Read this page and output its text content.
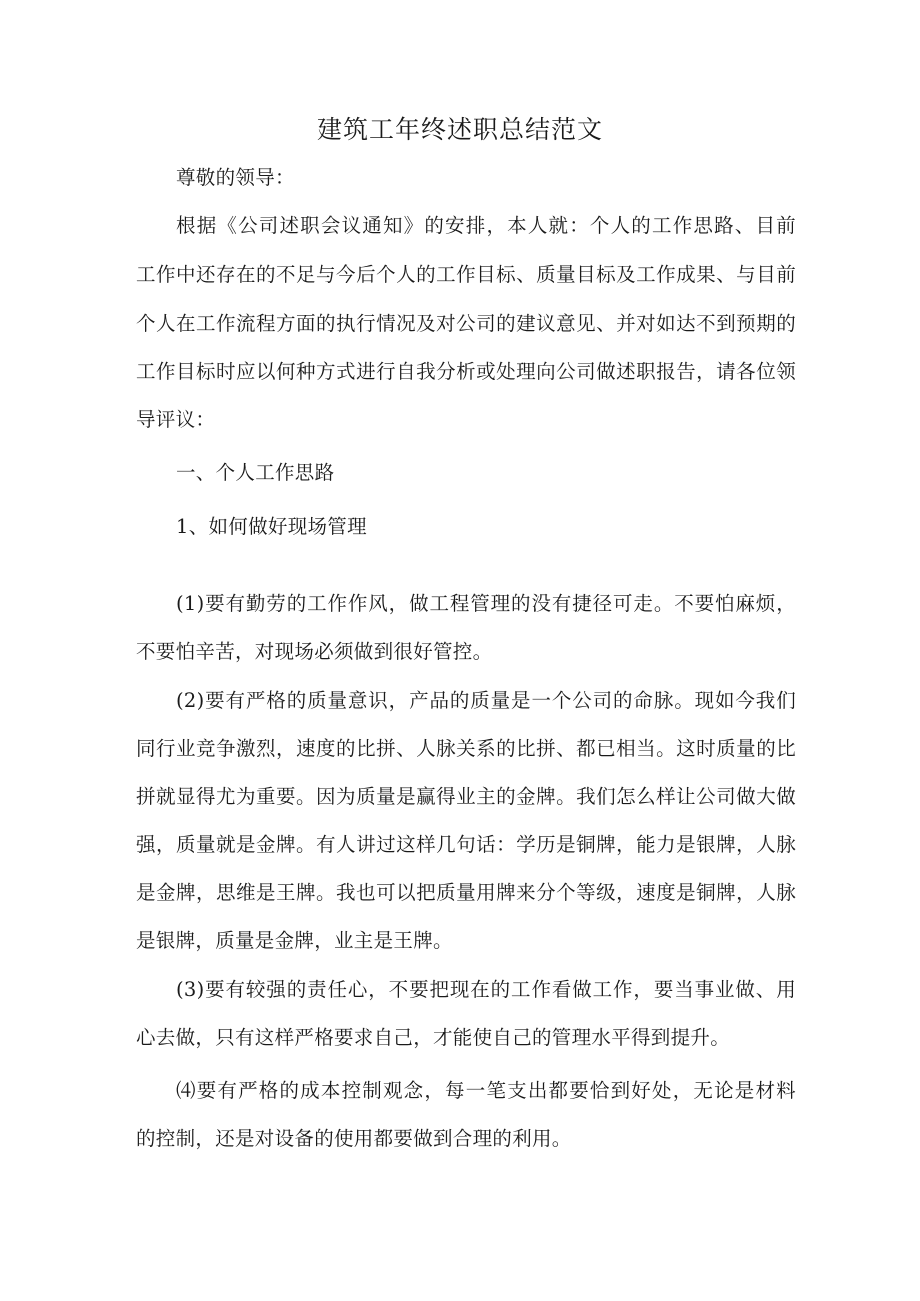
建筑工年终述职总结范文
尊敬的领导：
根据《公司述职会议通知》的安排，本人就：个人的工作思路、目前
工作中还存在的不足与今后个人的工作目标、质量目标及工作成果、与目前
个人在工作流程方面的执行情况及对公司的建议意见、并对如达不到预期的
工作目标时应以何种方式进行自我分析或处理向公司做述职报告，请各位领
导评议：
一、个人工作思路
1、如何做好现场管理
(1)要有勤劳的工作作风，做工程管理的没有捷径可走。不要怕麻烦，
不要怕辛苦，对现场必须做到很好管控。
(2)要有严格的质量意识，产品的质量是一个公司的命脉。现如今我们
同行业竞争激烈，速度的比拼、人脉关系的比拼、都已相当。这时质量的比
拼就显得尤为重要。因为质量是赢得业主的金牌。我们怎么样让公司做大做
强，质量就是金牌。有人讲过这样几句话：学历是铜牌，能力是银牌，人脉
是金牌，思维是王牌。我也可以把质量用牌来分个等级，速度是铜牌，人脉
是银牌，质量是金牌，业主是王牌。
(3)要有较强的责任心，不要把现在的工作看做工作，要当事业做、用
心去做，只有这样严格要求自己，才能使自己的管理水平得到提升。
⑷要有严格的成本控制观念，每一笔支出都要恰到好处，无论是材料
的控制，还是对设备的使用都要做到合理的利用。
